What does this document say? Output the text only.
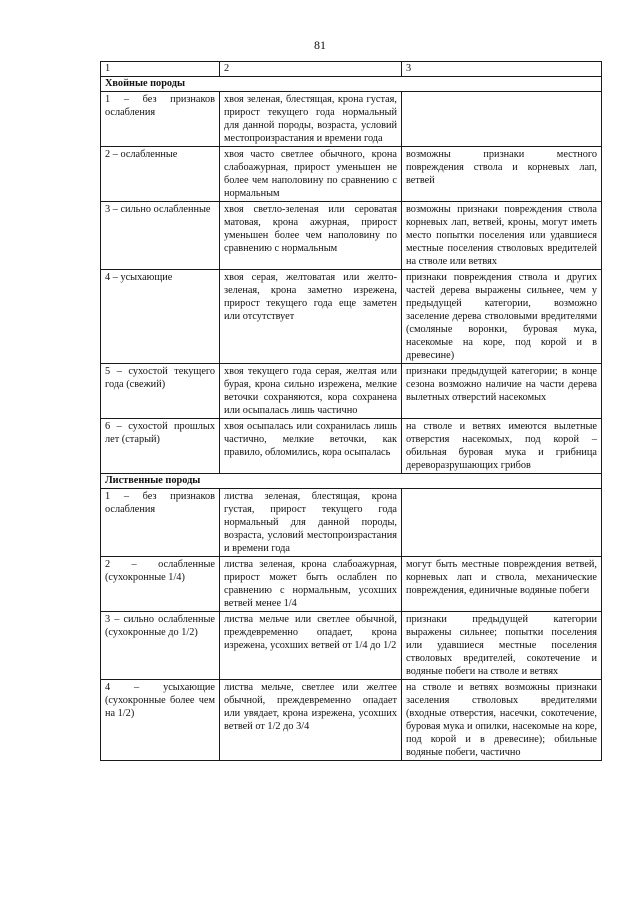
81
1	2	3
Хвойные породы		
1 – без признаков ослабления	хвоя зеленая, блестящая, крона густая, прирост текущего года нормальный для данной породы, возраста, условий местопроизрастания и времени года	
2 – ослабленные	хвоя часто светлее обычного, крона слабоажурная, прирост уменьшен не более чем наполовину по сравнению с нормальным	возможны признаки местного повреждения ствола и корневых лап, ветвей
3 – сильно ослабленные	хвоя светло-зеленая или сероватая матовая, крона ажурная, прирост уменьшен более чем наполовину по сравнению с нормальным	возможны признаки повреждения ствола корневых лап, ветвей, кроны, могут иметь место попытки поселения или удавшиеся местные поселения стволовых вредителей на стволе или ветвях
4 – усыхающие	хвоя серая, желтоватая или желто-зеленая, крона заметно изрежена, прирост текущего года еще заметен или отсутствует	признаки повреждения ствола и других частей дерева выражены сильнее, чем у предыдущей категории, возможно заселение дерева стволовыми вредителями (смоляные воронки, буровая мука, насекомые на коре, под корой и в древесине)
5 – сухостой текущего года (свежий)	хвоя текущего года серая, желтая или бурая, крона сильно изрежена, мелкие веточки сохраняются, кора сохранена или осыпалась лишь частично	признаки предыдущей категории; в конце сезона возможно наличие на части дерева вылетных отверстий насекомых
6 – сухостой прошлых лет (старый)	хвоя осыпалась или сохранилась лишь частично, мелкие веточки, как правило, обломились, кора осыпалась	на стволе и ветвях имеются вылетные отверстия насекомых, под корой – обильная буровая мука и грибница дереворазрушающих грибов
Лиственные породы		
1 – без признаков ослабления	листва зеленая, блестящая, крона густая, прирост текущего года нормальный для данной породы, возраста, условий местопроизрастания и времени года	
2 – ослабленные (сухокронные 1/4)	листва зеленая, крона слабоажурная, прирост может быть ослаблен по сравнению с нормальным, усохших ветвей менее 1/4	могут быть местные повреждения ветвей, корневых лап и ствола, механические повреждения, единичные водяные побеги
3 – сильно ослабленные (сухокронные до 1/2)	листва мельче или светлее обычной, преждевременно опадает, крона изрежена, усохших ветвей от 1/4 до 1/2	признаки предыдущей категории выражены сильнее; попытки поселения или удавшиеся местные поселения стволовых вредителей, сокотечение и водяные побеги на стволе и ветвях
4 – усыхающие (сухокронные более чем на 1/2)	листва мельче, светлее или желтее обычной, преждевременно опадает или увядает, крона изрежена, усохших ветвей от 1/2 до 3/4	на стволе и ветвях возможны признаки заселения стволовых вредителями (входные отверстия, насечки, сокотечение, буровая мука и опилки, насекомые на коре, под корой и в древесине); обильные водяные побеги, частично
